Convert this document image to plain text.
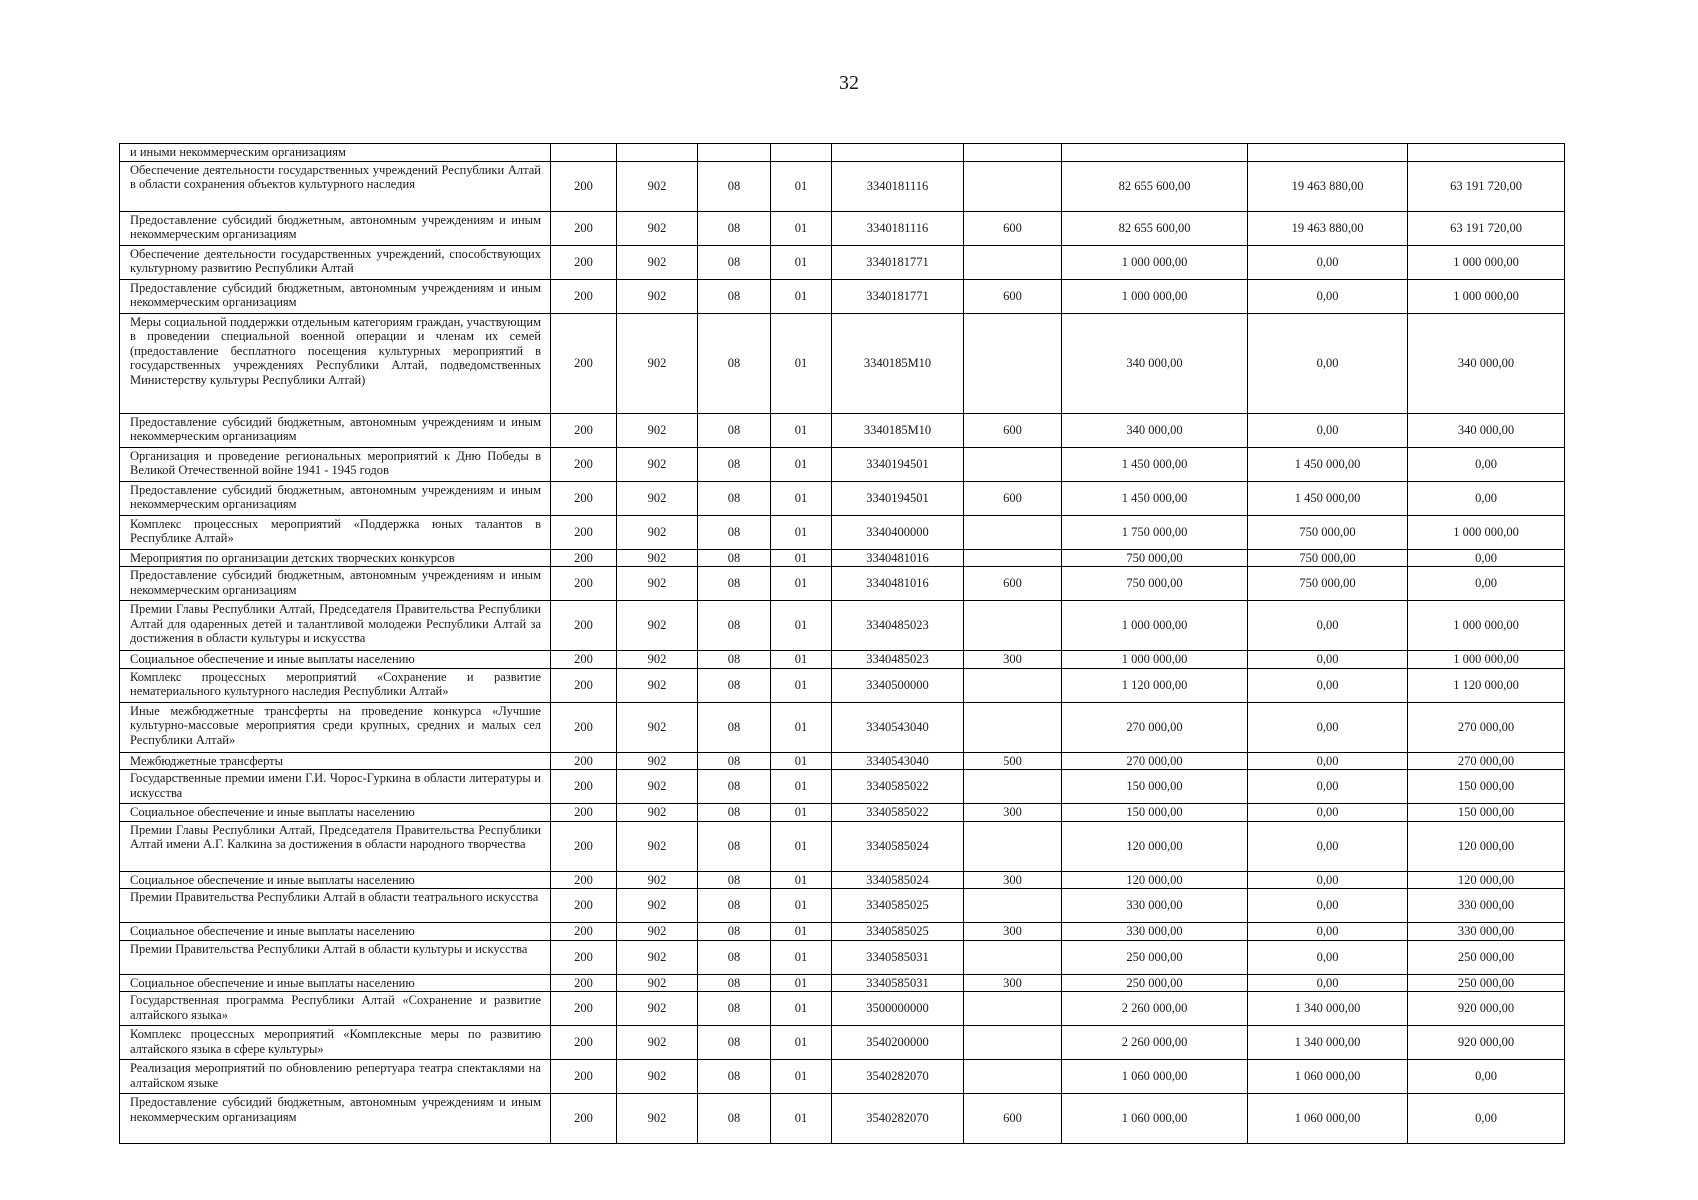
32
и иными некоммерческим организациям									
Обеспечение деятельности государственных учреждений Республики Алтай в области сохранения объектов культурного наследия	200	902	08	01	3340181116		82 655 600,00	19 463 880,00	63 191 720,00
Предоставление субсидий бюджетным, автономным учреждениям и иным некоммерческим организациям	200	902	08	01	3340181116	600	82 655 600,00	19 463 880,00	63 191 720,00
Обеспечение деятельности государственных учреждений, способствующих культурному развитию Республики Алтай	200	902	08	01	3340181771		1 000 000,00	0,00	1 000 000,00
Предоставление субсидий бюджетным, автономным учреждениям и иным некоммерческим организациям	200	902	08	01	3340181771	600	1 000 000,00	0,00	1 000 000,00
Меры социальной поддержки отдельным категориям граждан, участвующим в проведении специальной военной операции и членам их семей (предоставление бесплатного посещения культурных мероприятий в государственных учреждениях Республики Алтай, подведомственных Министерству культуры Республики Алтай)	200	902	08	01	3340185М10		340 000,00	0,00	340 000,00
Предоставление субсидий бюджетным, автономным учреждениям и иным некоммерческим организациям	200	902	08	01	3340185М10	600	340 000,00	0,00	340 000,00
Организация и проведение региональных мероприятий к Дню Победы в Великой Отечественной войне 1941 - 1945 годов	200	902	08	01	3340194501		1 450 000,00	1 450 000,00	0,00
Предоставление субсидий бюджетным, автономным учреждениям и иным некоммерческим организациям	200	902	08	01	3340194501	600	1 450 000,00	1 450 000,00	0,00
Комплекс процессных мероприятий «Поддержка юных талантов в Республике Алтай»	200	902	08	01	3340400000		1 750 000,00	750 000,00	1 000 000,00
Мероприятия по организации детских творческих конкурсов	200	902	08	01	3340481016		750 000,00	750 000,00	0,00
Предоставление субсидий бюджетным, автономным учреждениям и иным некоммерческим организациям	200	902	08	01	3340481016	600	750 000,00	750 000,00	0,00
Премии Главы Республики Алтай, Председателя Правительства Республики Алтай для одаренных детей и талантливой молодежи Республики Алтай за достижения в области культуры и искусства	200	902	08	01	3340485023		1 000 000,00	0,00	1 000 000,00
Социальное обеспечение и иные выплаты населению	200	902	08	01	3340485023	300	1 000 000,00	0,00	1 000 000,00
Комплекс процессных мероприятий «Сохранение и развитие нематериального культурного наследия Республики Алтай»	200	902	08	01	3340500000		1 120 000,00	0,00	1 120 000,00
Иные межбюджетные трансферты на проведение конкурса «Лучшие культурно-массовые мероприятия среди крупных, средних и малых сел Республики Алтай»	200	902	08	01	3340543040		270 000,00	0,00	270 000,00
Межбюджетные трансферты	200	902	08	01	3340543040	500	270 000,00	0,00	270 000,00
Государственные премии имени Г.И. Чорос-Гуркина в области литературы и искусства	200	902	08	01	3340585022		150 000,00	0,00	150 000,00
Социальное обеспечение и иные выплаты населению	200	902	08	01	3340585022	300	150 000,00	0,00	150 000,00
Премии Главы Республики Алтай, Председателя Правительства Республики Алтай имени А.Г. Калкина за достижения в области народного творчества	200	902	08	01	3340585024		120 000,00	0,00	120 000,00
Социальное обеспечение и иные выплаты населению	200	902	08	01	3340585024	300	120 000,00	0,00	120 000,00
Премии Правительства Республики Алтай в области театрального искусства	200	902	08	01	3340585025		330 000,00	0,00	330 000,00
Социальное обеспечение и иные выплаты населению	200	902	08	01	3340585025	300	330 000,00	0,00	330 000,00
Премии Правительства Республики Алтай в области культуры и искусства	200	902	08	01	3340585031		250 000,00	0,00	250 000,00
Социальное обеспечение и иные выплаты населению	200	902	08	01	3340585031	300	250 000,00	0,00	250 000,00
Государственная программа Республики Алтай «Сохранение и развитие алтайского языка»	200	902	08	01	3500000000		2 260 000,00	1 340 000,00	920 000,00
Комплекс процессных мероприятий «Комплексные меры по развитию алтайского языка в сфере культуры»	200	902	08	01	3540200000		2 260 000,00	1 340 000,00	920 000,00
Реализация мероприятий по обновлению репертуара театра спектаклями на алтайском языке	200	902	08	01	3540282070		1 060 000,00	1 060 000,00	0,00
Предоставление субсидий бюджетным, автономным учреждениям и иным некоммерческим организациям	200	902	08	01	3540282070	600	1 060 000,00	1 060 000,00	0,00
